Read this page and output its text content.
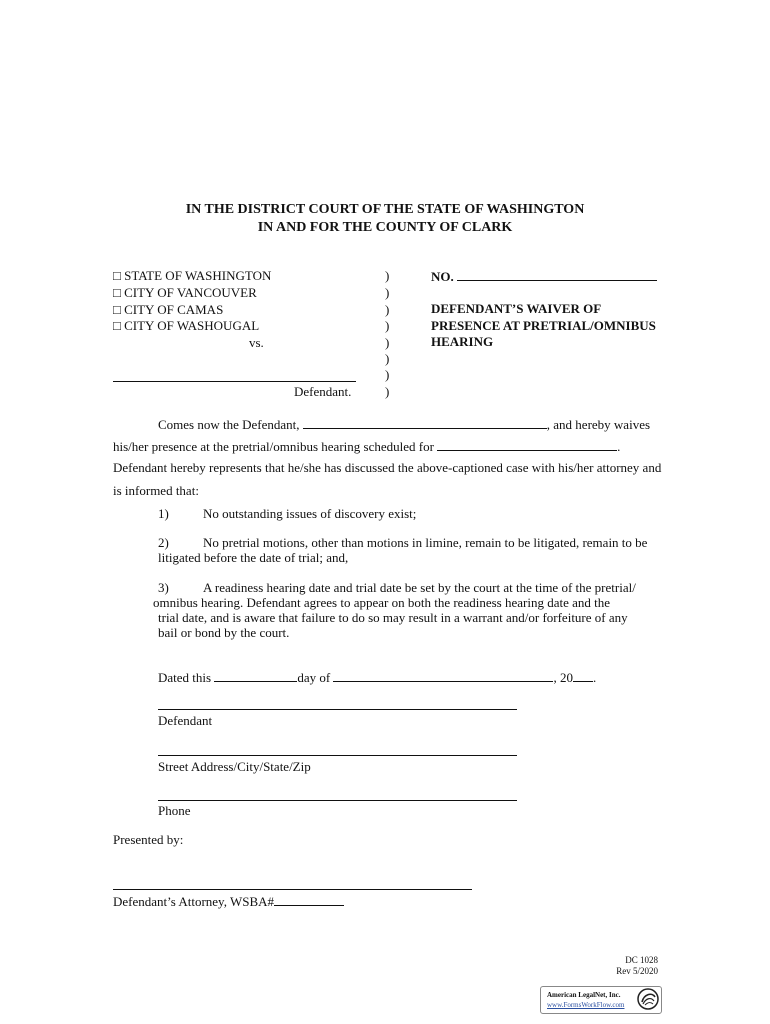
IN THE DISTRICT COURT OF THE STATE OF WASHINGTON
IN AND FOR THE COUNTY OF CLARK
□ STATE OF WASHINGTON
□ CITY OF VANCOUVER
□ CITY OF CAMAS
□ CITY OF WASHOUGAL
vs.
Defendant.
)
)
)
)
)
)
)
)
NO.
DEFENDANT’S WAIVER OF
PRESENCE AT PRETRIAL/OMNIBUS
HEARING
Comes now the Defendant,	, and hereby waives
his/her presence at the pretrial/omnibus hearing scheduled for	.
Defendant hereby represents that he/she has discussed the above-captioned case with his/her attorney and
is informed that:
1)	No outstanding issues of discovery exist;
2)	No pretrial motions, other than motions in limine, remain to be litigated, remain to be
litigated before the date of trial; and,
3)	A readiness hearing date and trial date be set by the court at the time of the pretrial/
omnibus hearing. Defendant agrees to appear on both the readiness hearing date and the
trial date, and is aware that failure to do so may result in a warrant and/or forfeiture of any
bail or bond by the court.
Dated this	day of	, 20 .
Defendant
Street Address/City/State/Zip
Phone
Presented by:
Defendant’s Attorney, WSBA#
DC 1028
Rev 5/2020
American LegalNet, Inc.
www.FormsWorkFlow.com
